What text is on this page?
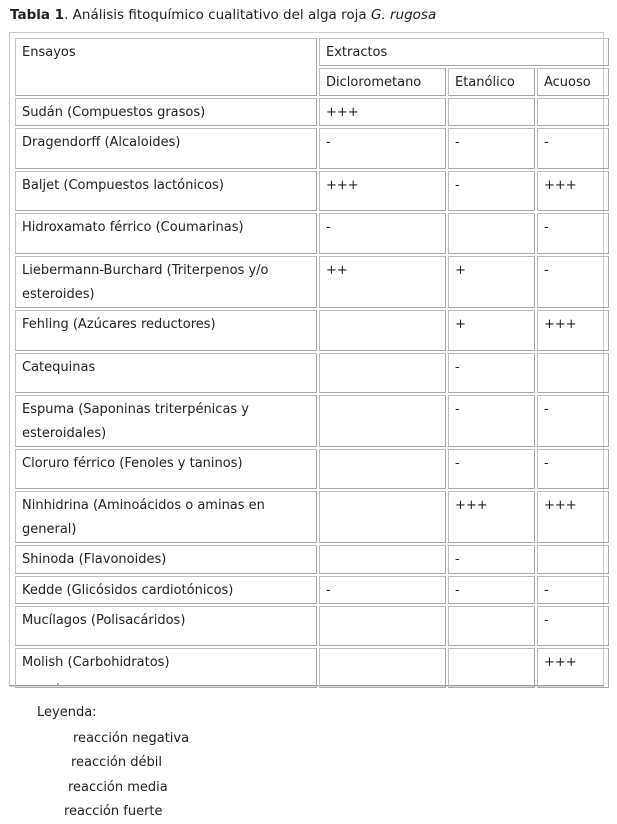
Tabla 1. Análisis fitoquímico cualitativo del alga roja G. rugosa
Ensayos	Extractos		
	Diclorometano	Etanólico	Acuoso
Sudán (Compuestos grasos)	+++		
Dragendorff (Alcaloides)	-	-	-
Baljet (Compuestos lactónicos)	+++	-	+++
Hidroxamato férrico (Coumarinas)	-		-
Liebermann-Burchard (Triterpenos y/o esteroides)	++	+	-
Fehling (Azúcares reductores)		+	+++
Catequinas		-	
Espuma (Saponinas triterpénicas y esteroidales)		-	-
Cloruro férrico (Fenoles y taninos)		-	-
Ninhidrina (Aminoácidos o aminas en general)		+++	+++
Shinoda (Flavonoides)		-	
Kedde (Glicósidos cardiotónicos)	-	-	-
Mucílagos (Polisacáridos)			-
Molish (Carbohidratos)			+++
Leyenda:
reacción negativa
reacción débil
reacción media
reacción fuerte
